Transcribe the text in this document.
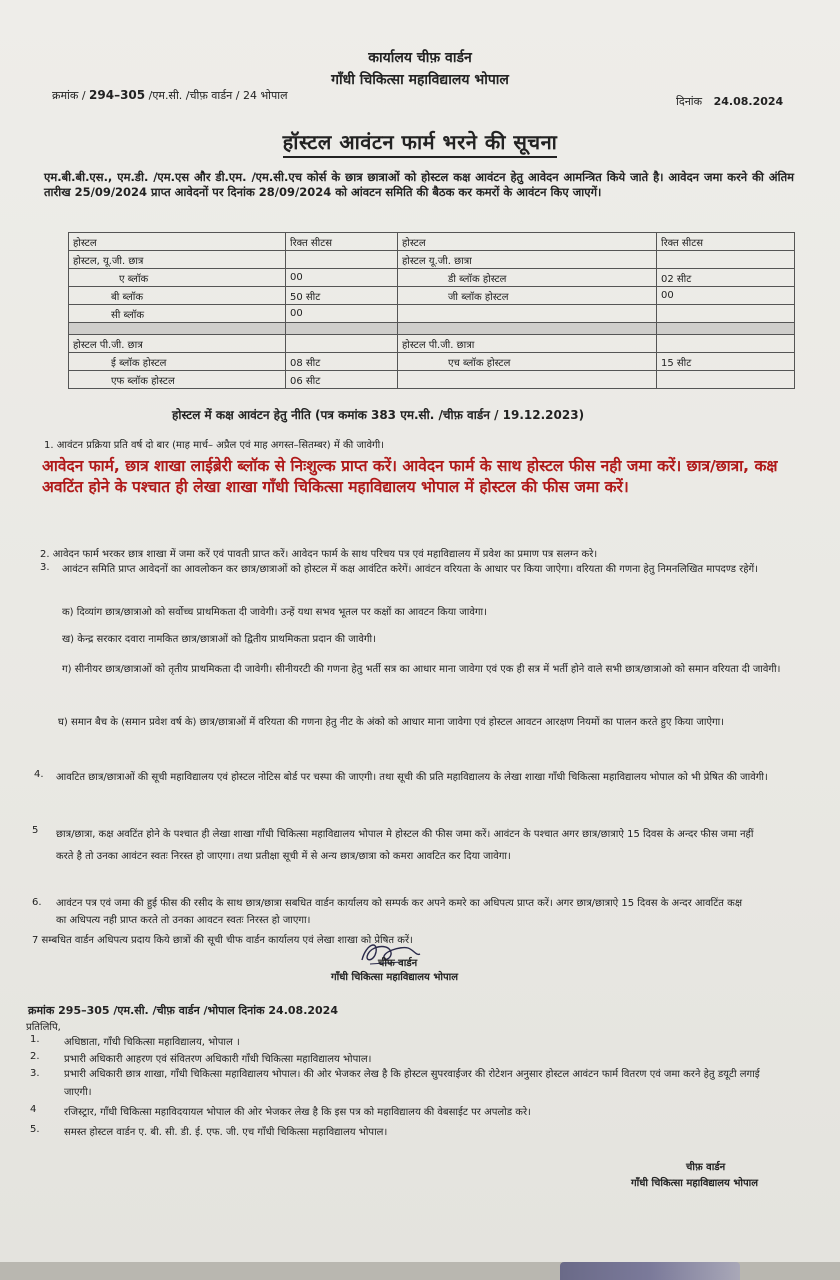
कार्यालय चीफ़ वार्डन
गाँधी चिकित्सा महाविद्यालय भोपाल
क्रमांक / 294–305 /एम.सी. /चीफ़ वार्डन / 24 भोपाल	दिनांक 24.08.2024
हॉस्टल आवंटन फार्म भरने की सूचना
एम.बी.बी.एस., एम.डी. /एम.एस और डी.एम. /एम.सी.एच कोर्स के छात्र छात्राओं को होस्टल कक्ष आवंटन हेतु आवेदन आमन्त्रित किये जाते है। आवेदन जमा करने की अंतिम तारीख 25/09/2024 प्राप्त आवेदनों पर दिनांक 28/09/2024 को आंवटन समिति की बैठक कर कमरों के आवंटन किए जाएगें।
होस्टल	रिक्त सीटस	होस्टल	रिक्त सीटस
होस्टल, यू.जी. छात्र		होस्टल यू.जी. छात्रा	
ए ब्लॉक	00	डी ब्लॉक होस्टल	02 सीट
बी ब्लॉक	50 सीट	जी ब्लॉक होस्टल	00
सी ब्लॉक	00		

होस्टल पी.जी. छात्र		होस्टल पी.जी. छात्रा	
ई ब्लॉक होस्टल	08 सीट	एच ब्लॉक होस्टल	15 सीट
एफ ब्लॉक होस्टल	06 सीट		
होस्टल में कक्ष आवंटन हेतु नीति (पत्र कमांक 383 एम.सी. /चीफ़ वार्डन / 19.12.2023)
1. आवंटन प्रक्रिया प्रति वर्ष दो बार (माह मार्च– अप्रैल एवं माह अगस्त–सितम्बर) में की जावेगी।
आवेदन फार्म, छात्र शाखा लाईब्रेरी ब्लॉक से निःशुल्क प्राप्त करें। आवेदन फार्म के साथ होस्टल फीस नही जमा करें। छात्र/छात्रा, कक्ष अवटिंत होने के पश्चात ही लेखा शाखा गाँधी चिकित्सा महाविद्यालय भोपाल में होस्टल की फीस जमा करें।
2. आवेदन फार्म भरकर छात्र शाखा में जमा करें एवं पावती प्राप्त करें। आवेदन फार्म के साथ परिचय पत्र एवं महाविद्यालय में प्रवेश का प्रमाण पत्र सलग्न करे।
3. आवंटन समिति प्राप्त आवेदनों का आवलोकन कर छात्र/छात्राओं को होस्टल में कक्ष आवंटित करेगें। आवंटन वरियता के आधार पर किया जाऐगा। वरियता की गणना हेतु निमनलिखित मापदण्ड रहेगें।
क) दिव्यांग छात्र/छात्राओ को सर्वोच्च प्राथमिकता दी जावेगी। उन्हें यथा सभव भूतल पर कक्षों का आवटन किया जावेगा।
ख) केन्द्र सरकार दवारा नामकित छात्र/छात्राओं को द्वितीय प्राथमिकता प्रदान की जावेगी।
ग) सीनीयर छात्र/छात्राओं को तृतीय प्राथमिकता दी जावेगी। सीनीयरटी की गणना हेतु भर्ती सत्र का आधार माना जावेगा एवं एक ही सत्र में भर्ती होने वाले सभी छात्र/छात्राओ को समान वरियता दी जावेगी।
घ) समान बैच के (समान प्रवेश वर्ष के) छात्र/छात्राओं में वरियता की गणना हेतु नीट के अंको को आधार माना जावेगा एवं होस्टल आवटन आरक्षण नियमों का पालन करते हुए किया जाऐगा।
4. आवटित छात्र/छात्राओं की सूची महाविद्यालय एवं होस्टल नोटिस बोर्ड पर चस्पा की जाएगी। तथा सूची की प्रति महाविद्यालय के लेखा शाखा गाँधी चिकित्सा महाविद्यालय भोपाल को भी प्रेषित की जावेगी।
5 छात्र/छात्रा, कक्ष अवटिंत होने के पश्चात ही लेखा शाखा गाँधी चिकित्सा महाविद्यालय भोपाल मे होस्टल की फीस जमा करें। आवंटन के पश्चात अगर छात्र/छात्राऐ 15 दिवस के अन्दर फीस जमा नहीं करते है तो उनका आवंटन स्वतः निरस्त हो जाएगा। तथा प्रतीक्षा सूची में से अन्य छात्र/छात्रा को कमरा आवटित कर दिया जावेगा।
6. आवंटन पत्र एवं जमा की हुई फीस की रसीद के साथ छात्र/छात्रा सबधित वार्डन कार्यालय को सम्पर्क कर अपने कमरे का अधिपत्य प्राप्त करें। अगर छात्र/छात्राऐ 15 दिवस के अन्दर आवटिंत कक्ष का अधिपत्य नही प्राप्त करते तो उनका आवटन स्वतः निरस्त हो जाएगा।
7 सम्बधित वार्डन अधिपत्य प्रदाय किये छात्रों की सूची चीफ वार्डन कार्यालय एवं लेखा शाखा को प्रेषित करें।
चीफ वार्डन
गाँधी चिकित्सा महाविद्यालय भोपाल
क्रमांक 295–305 /एम.सी. /चीफ़ वार्डन /भोपाल दिनांक 24.08.2024
प्रतिलिपि,
1. अधिष्ठाता, गाँधी चिकित्सा महाविद्यालय, भोपाल ।
2. प्रभारी अधिकारी आहरण एवं संवितरण अधिकारी गाँधी चिकित्सा महाविद्यालय भोपाल।
3. प्रभारी अधिकारी छात्र शाखा, गाँधी चिकित्सा महाविद्यालय भोपाल। की ओर भेजकर लेख है कि होस्टल सुपरवाईजर की रोटेशन अनुसार होस्टल आवंटन फार्म वितरण एवं जमा करने हेतु डयूटी लगाई जाएगी।
4	रजिस्ट्रार, गाँधी चिकित्सा महाविदयायल भोपाल की ओर भेजकर लेख है कि इस पत्र को महाविद्यालय की वेबसाईट पर अपलोड करे।
5. समस्त होस्टल वार्डन ए. बी. सी. डी. ई. एफ. जी. एच गाँधी चिकित्सा महाविद्यालय भोपाल।
चीफ़ वार्डन
गाँधी चिकित्सा महाविद्यालय भोपाल
